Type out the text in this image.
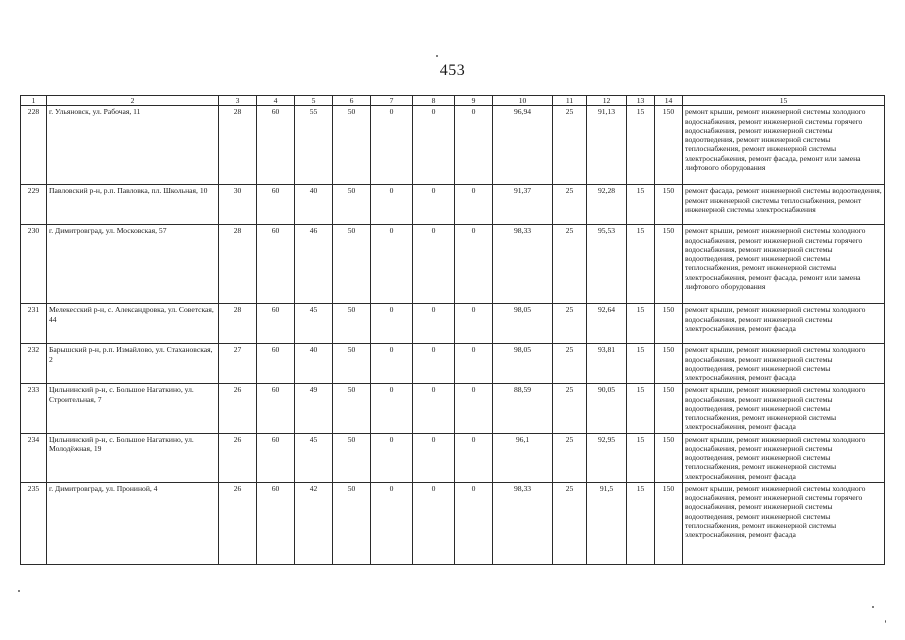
453
1	2	3	4	5	6	7	8	9	10	11	12	13	14	15
228	г. Ульяновск, ул. Рабочая, 11	28	60	55	50	0	0	0	96,94	25	91,13	15	150	ремонт крыши, ремонт инженерной системы холодного водоснабжения, ремонт инженерной системы горячего водоснабжения, ремонт инженерной системы водоотведения, ремонт инженерной системы теплоснабжения, ремонт инженерной системы электроснабжения, ремонт фасада, ремонт или замена лифтового оборудования
229	Павловский р-н, р.п. Павловка, пл. Школьная, 10	30	60	40	50	0	0	0	91,37	25	92,28	15	150	ремонт фасада, ремонт инженерной системы водоотведения, ремонт инженерной системы теплоснабжения, ремонт инженерной системы электроснабжения
230	г. Димитровград, ул. Московская, 57	28	60	46	50	0	0	0	98,33	25	95,53	15	150	ремонт крыши, ремонт инженерной системы холодного водоснабжения, ремонт инженерной системы горячего водоснабжения, ремонт инженерной системы водоотведения, ремонт инженерной системы теплоснабжения, ремонт инженерной системы электроснабжения, ремонт фасада, ремонт или замена лифтового оборудования
231	Мелекесский р-н, с. Александровка, ул. Советская, 44	28	60	45	50	0	0	0	98,05	25	92,64	15	150	ремонт крыши, ремонт инженерной системы холодного водоснабжения, ремонт инженерной системы электроснабжения, ремонт фасада
232	Барышский р-н, р.п. Измайлово, ул. Стахановская, 2	27	60	40	50	0	0	0	98,05	25	93,81	15	150	ремонт крыши, ремонт инженерной системы холодного водоснабжения, ремонт инженерной системы водоотведения, ремонт инженерной системы электроснабжения, ремонт фасада
233	Цильнинский р-н, с. Большое Нагаткино, ул. Строительная, 7	26	60	49	50	0	0	0	88,59	25	90,05	15	150	ремонт крыши, ремонт инженерной системы холодного водоснабжения, ремонт инженерной системы водоотведения, ремонт инженерной системы теплоснабжения, ремонт инженерной системы электроснабжения, ремонт фасада
234	Цильнинский р-н, с. Большое Нагаткино, ул. Молодёжная, 19	26	60	45	50	0	0	0	96,1	25	92,95	15	150	ремонт крыши, ремонт инженерной системы холодного водоснабжения, ремонт инженерной системы водоотведения, ремонт инженерной системы теплоснабжения, ремонт инженерной системы электроснабжения, ремонт фасада
235	г. Димитровград, ул. Прониной, 4	26	60	42	50	0	0	0	98,33	25	91,5	15	150	ремонт крыши, ремонт инженерной системы холодного водоснабжения, ремонт инженерной системы горячего водоснабжения, ремонт инженерной системы водоотведения, ремонт инженерной системы теплоснабжения, ремонт инженерной системы электроснабжения, ремонт фасада
